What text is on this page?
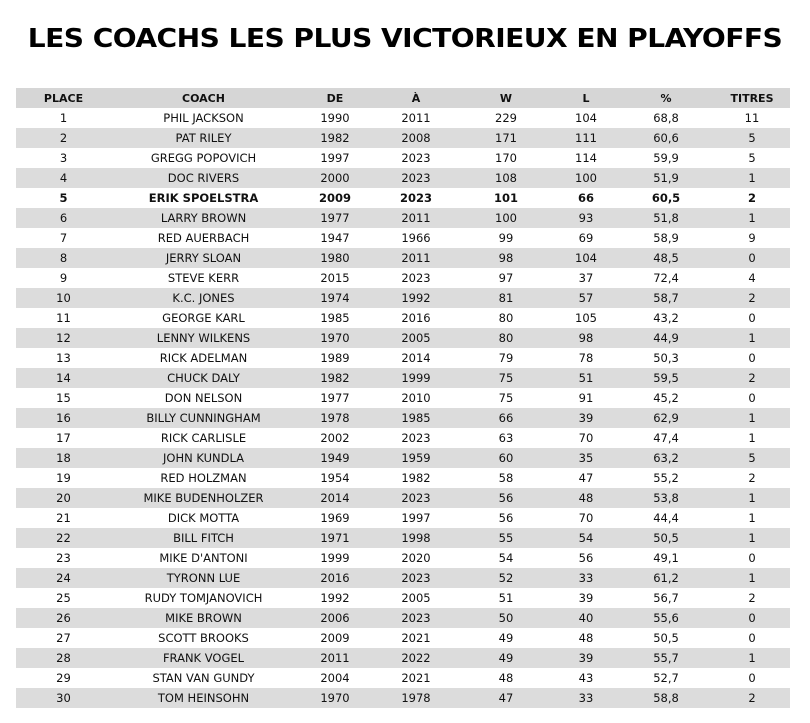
LES COACHS LES PLUS VICTORIEUX EN PLAYOFFS
PLACE	COACH	DE	À	W	L	%	TITRES
1	PHIL JACKSON	1990	2011	229	104	68,8	11
2	PAT RILEY	1982	2008	171	111	60,6	5
3	GREGG POPOVICH	1997	2023	170	114	59,9	5
4	DOC RIVERS	2000	2023	108	100	51,9	1
5	ERIK SPOELSTRA	2009	2023	101	66	60,5	2
6	LARRY BROWN	1977	2011	100	93	51,8	1
7	RED AUERBACH	1947	1966	99	69	58,9	9
8	JERRY SLOAN	1980	2011	98	104	48,5	0
9	STEVE KERR	2015	2023	97	37	72,4	4
10	K.C. JONES	1974	1992	81	57	58,7	2
11	GEORGE KARL	1985	2016	80	105	43,2	0
12	LENNY WILKENS	1970	2005	80	98	44,9	1
13	RICK ADELMAN	1989	2014	79	78	50,3	0
14	CHUCK DALY	1982	1999	75	51	59,5	2
15	DON NELSON	1977	2010	75	91	45,2	0
16	BILLY CUNNINGHAM	1978	1985	66	39	62,9	1
17	RICK CARLISLE	2002	2023	63	70	47,4	1
18	JOHN KUNDLA	1949	1959	60	35	63,2	5
19	RED HOLZMAN	1954	1982	58	47	55,2	2
20	MIKE BUDENHOLZER	2014	2023	56	48	53,8	1
21	DICK MOTTA	1969	1997	56	70	44,4	1
22	BILL FITCH	1971	1998	55	54	50,5	1
23	MIKE D'ANTONI	1999	2020	54	56	49,1	0
24	TYRONN LUE	2016	2023	52	33	61,2	1
25	RUDY TOMJANOVICH	1992	2005	51	39	56,7	2
26	MIKE BROWN	2006	2023	50	40	55,6	0
27	SCOTT BROOKS	2009	2021	49	48	50,5	0
28	FRANK VOGEL	2011	2022	49	39	55,7	1
29	STAN VAN GUNDY	2004	2021	48	43	52,7	0
30	TOM HEINSOHN	1970	1978	47	33	58,8	2
